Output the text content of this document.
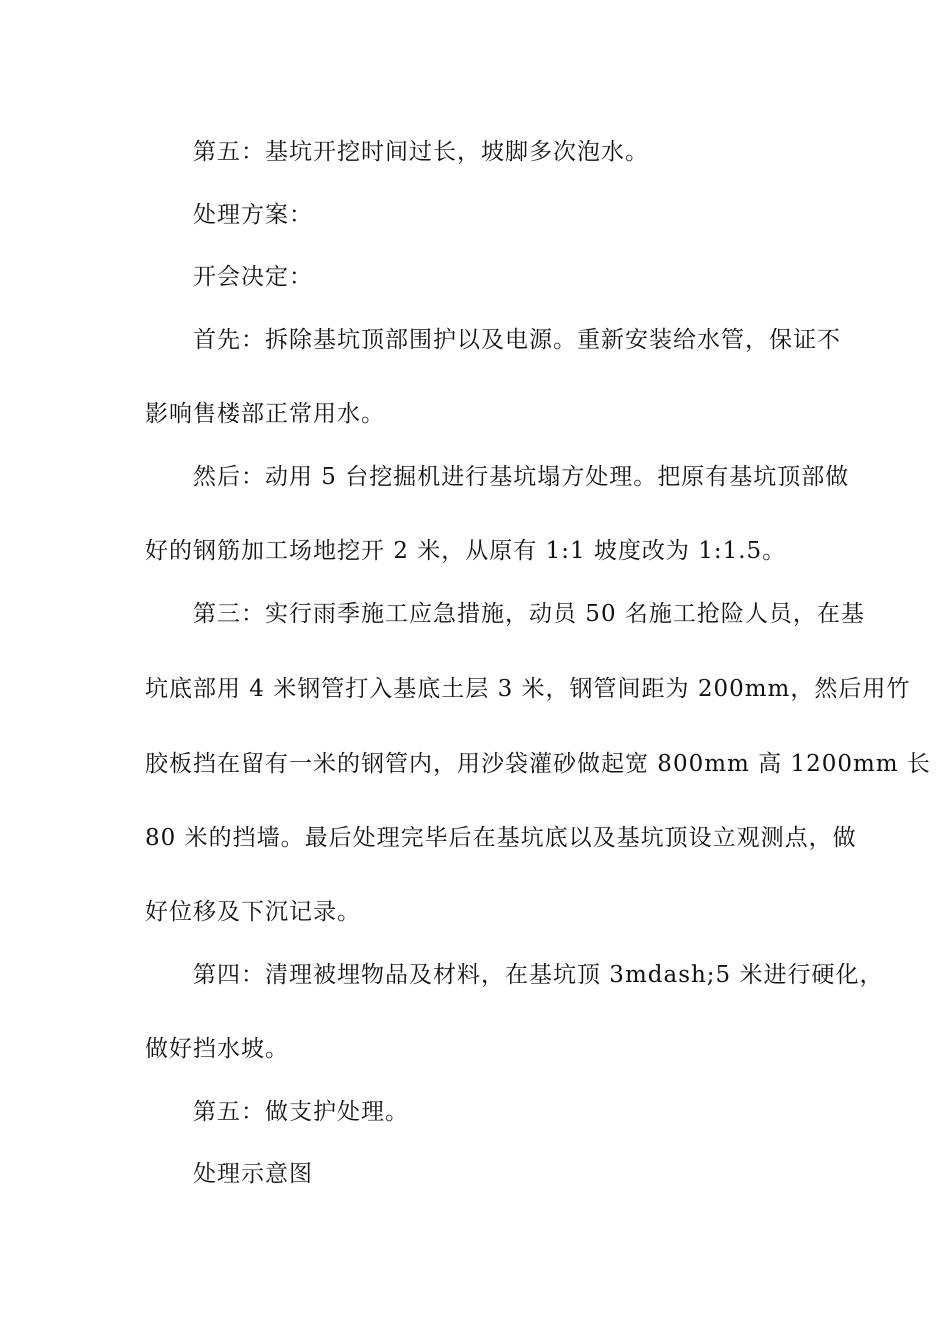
第五：基坑开挖时间过长，坡脚多次泡水。
处理方案：
开会决定：
首先：拆除基坑顶部围护以及电源。重新安装给水管，保证不
影响售楼部正常用水。
然后：动用 5 台挖掘机进行基坑塌方处理。把原有基坑顶部做
好的钢筋加工场地挖开 2 米，从原有 1:1 坡度改为 1:1.5。
第三：实行雨季施工应急措施，动员 50 名施工抢险人员，在基
坑底部用 4 米钢管打入基底土层 3 米，钢管间距为 200mm，然后用竹
胶板挡在留有一米的钢管内，用沙袋灌砂做起宽 800mm 高 1200mm 长
80 米的挡墙。最后处理完毕后在基坑底以及基坑顶设立观测点，做
好位移及下沉记录。
第四：清理被埋物品及材料，在基坑顶 3mdash;5 米进行硬化，
做好挡水坡。
第五：做支护处理。
处理示意图
